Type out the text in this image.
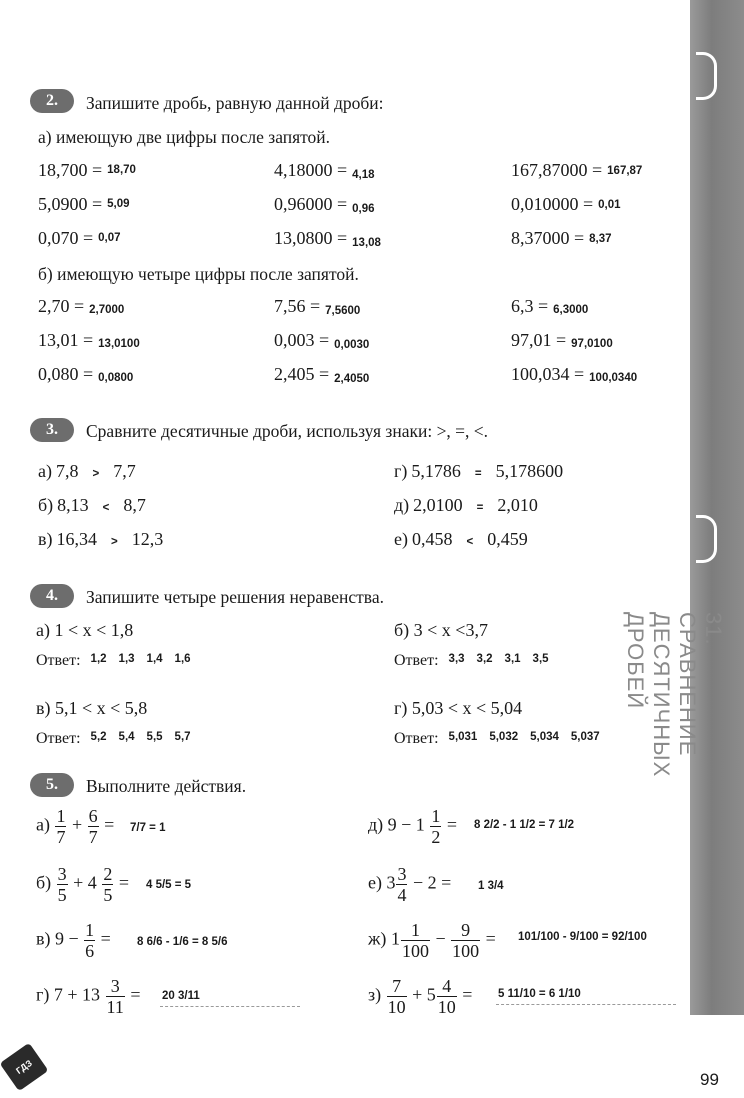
31. СРАВНЕНИЕ ДЕСЯТИЧНЫХ ДРОБЕЙ
2.	Запишите дробь, равную данной дроби:
а) имеющую две цифры после запятой.
18,700 = 18,70	4,18000 = 4,18	167,87000 = 167,87
5,0900 = 5,09	0,96000 = 0,96	0,010000 = 0,01
0,070 = 0,07	13,0800 = 13,08	8,37000 = 8,37
б) имеющую четыре цифры после запятой.
2,70 = 2,7000	7,56 = 7,5600	6,3 = 6,3000
13,01 = 13,0100	0,003 = 0,0030	97,01 = 97,0100
0,080 = 0,0800	2,405 = 2,4050	100,034 = 100,0340
3.	Сравните десятичные дроби, используя знаки: >, =, <.
а) 7,8 > 7,7	г) 5,1786 = 5,178600
б) 8,13 < 8,7	д) 2,0100 = 2,010
в) 16,34 > 12,3	е) 0,458 < 0,459
4.	Запишите четыре решения неравенства.
а) 1 < x < 1,8
Ответ: 1,2 1,3 1,4 1,6
б) 3 < x <3,7
Ответ: 3,3 3,2 3,1 3,5
в) 5,1 < x < 5,8
Ответ: 5,2 5,4 5,5 5,7
г) 5,03 < x < 5,04
Ответ: 5,031 5,032 5,034 5,037
5.	Выполните действия.
$а) \frac{1}{7} + \frac{6}{7} = 7/7 = 1$
$б) \frac{3}{5} + 4 \frac{2}{5} = 4$ 5/5 = 5
в) $9 - \frac{1}{6} = 8$ 6/6 - 1/6 = 8 5/6
г) $7 + 13 \frac{3}{11} = 20$ 3/11
д) $9 - 1 \frac{1}{2} = 8$ 2/2 - 1 1/2 = 7 1/2
е) $3 \frac{3}{4} - 2 = 1$ 3/4
ж) $1 \frac{1}{100} - \frac{9}{100} = 101/100 - 9/100 = 92/100$
$з) \frac{7}{10} + 5 \frac{4}{10} = 5$ 11/10 = 6 1/10
ГДЗ
99
